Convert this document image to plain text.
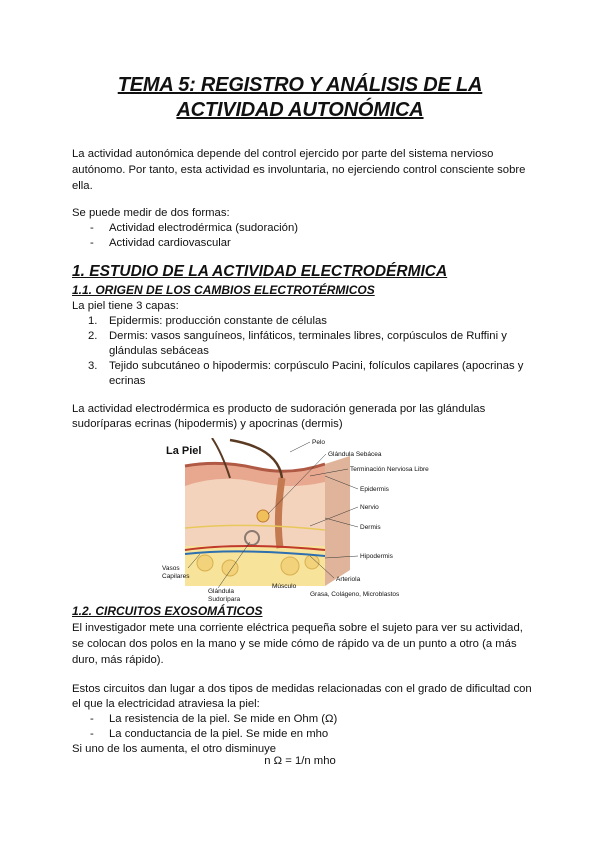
TEMA 5: REGISTRO Y ANÁLISIS DE LA
ACTIVIDAD AUTONÓMICA
La actividad autonómica depende del control ejercido por parte del sistema nervioso
autónomo. Por tanto, esta actividad es involuntaria, no ejerciendo control consciente sobre
ella.
Se puede medir de dos formas:
- Actividad electrodérmica (sudoración)
- Actividad cardiovascular
1. ESTUDIO DE LA ACTIVIDAD ELECTRODÉRMICA
1.1. ORIGEN DE LOS CAMBIOS ELECTROTÉRMICOS
La piel tiene 3 capas:
1. Epidermis: producción constante de células
2. Dermis: vasos sanguíneos, linfáticos, terminales libres, corpúsculos de Ruffini y
glándulas sebáceas
3. Tejido subcutáneo o hipodermis: corpúsculo Pacini, folículos capilares (apocrinas y
ecrinas
La actividad electrodérmica es producto de sudoración generada por las glándulas
sudoríparas ecrinas (hipodermis) y apocrinas (dermis)
La Piel
Pelo
Glándula Sebácea
Terminación Nerviosa Libre
Epidermis
Nervio
Dermis
Hipodermis
Arteriola
Grasa, Colágeno, Microblastos
Músculo
Glándula
Sudorípara
Vasos
Capilares
1.2. CIRCUITOS EXOSOMÁTICOS
El investigador mete una corriente eléctrica pequeña sobre el sujeto para ver su actividad,
se colocan dos polos en la mano y se mide cómo de rápido va de un punto a otro (a más
duro, más rápido).
Estos circuitos dan lugar a dos tipos de medidas relacionadas con el grado de dificultad con
el que la electricidad atraviesa la piel:
- La resistencia de la piel. Se mide en Ohm (Ω)
- La conductancia de la piel. Se mide en mho
Si uno de los aumenta, el otro disminuye
n Ω = 1/n mho
